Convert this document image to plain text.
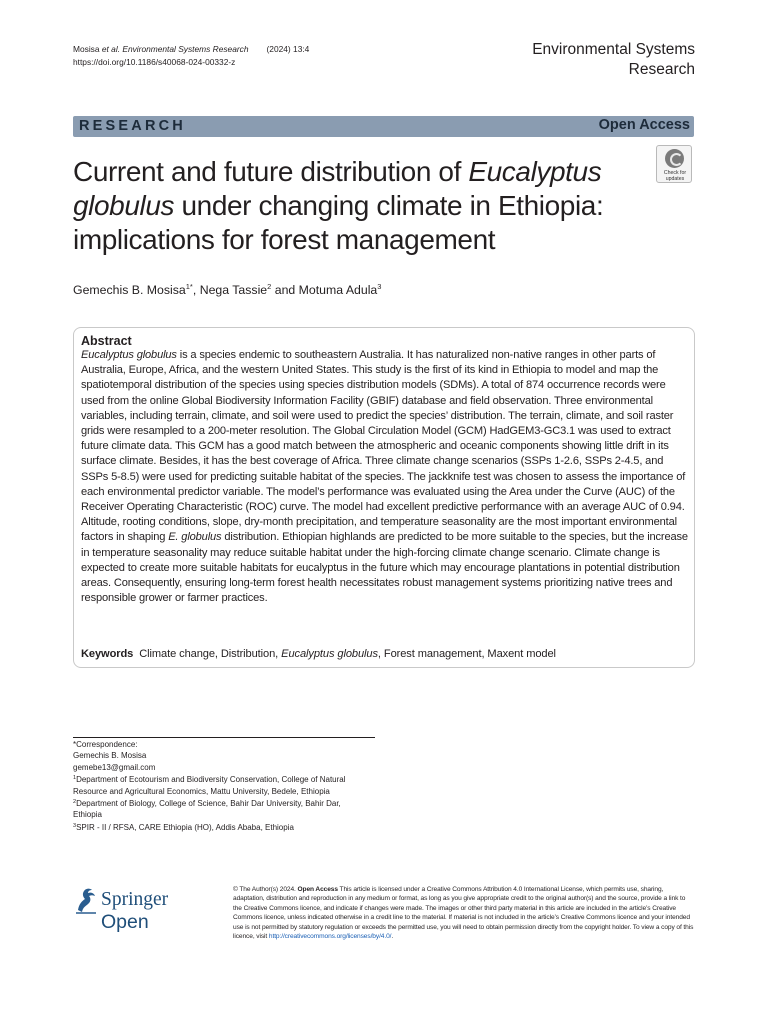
Mosisa et al. Environmental Systems Research (2024) 13:4
https://doi.org/10.1186/s40068-024-00332-z
Environmental Systems
Research
RESEARCH	Open Access
Check for
updates
Current and future distribution of Eucalyptus globulus under changing climate in Ethiopia: implications for forest management
Gemechis B. Mosisa$^{1*}$, Nega Tassie$^2$ and Motuma Adula$^3$
Abstract
Eucalyptus globulus is a species endemic to southeastern Australia. It has naturalized non-native ranges in other parts of Australia, Europe, Africa, and the western United States. This study is the first of its kind in Ethiopia to model and map the spatiotemporal distribution of the species using species distribution models (SDMs). A total of 874 occurrence records were used from the online Global Biodiversity Information Facility (GBIF) database and field observation. Three environmental variables, including terrain, climate, and soil were used to predict the species’ distribution. The terrain, climate, and soil raster grids were resampled to a 200-meter resolution. The Global Circulation Model (GCM) HadGEM3-GC3.1 was used to extract future climate data. This GCM has a good match between the atmospheric and oceanic components showing little drift in its surface climate. Besides, it has the best coverage of Africa. Three climate change scenarios (SSPs 1-2.6, SSPs 2-4.5, and SSPs 5-8.5) were used for predicting suitable habitat of the species. The jackknife test was chosen to assess the importance of each environmental predictor variable. The model’s performance was evaluated using the Area under the Curve (AUC) of the Receiver Operating Characteristic (ROC) curve. The model had excellent predictive performance with an average AUC of 0.94. Altitude, rooting conditions, slope, dry-month precipitation, and temperature seasonality are the most important environmental factors in shaping E. globulus distribution. Ethiopian highlands are predicted to be more suitable to the species, but the increase in temperature seasonality may reduce suitable habitat under the high-forcing climate change scenario. Climate change is expected to create more suitable habitats for eucalyptus in the future which may encourage plantations in potential distribution areas. Consequently, ensuring long-term forest health necessitates robust management systems prioritizing native trees and responsible grower or farmer practices.
Keywords Climate change, Distribution, Eucalyptus globulus, Forest management, Maxent model

*Correspondence:

Gemechis B. Mosisa

gemebe13@gmail.com

$^1$Department of Ecotourism and Biodiversity Conservation, College of Natural Resource and Agricultural Economics, Mattu University, Bedele, Ethiopia

$^2$Department of Biology, College of Science, Bahir Dar University, Bahir Dar, Ethiopia

$^3$SPIR - II / RFSA, CARE Ethiopia (HO), Addis Ababa, Ethiopia

Springer Open
© The Author(s) 2024. Open Access This article is licensed under a Creative Commons Attribution 4.0 International License, which permits use, sharing, adaptation, distribution and reproduction in any medium or format, as long as you give appropriate credit to the original author(s) and the source, provide a link to the Creative Commons licence, and indicate if changes were made. The images or other third party material in this article are included in the article’s Creative Commons licence, unless indicated otherwise in a credit line to the material. If material is not included in the article’s Creative Commons licence and your intended use is not permitted by statutory regulation or exceeds the permitted use, you will need to obtain permission directly from the copyright holder. To view a copy of this licence, visit http://creativecommons.org/licenses/by/4.0/.
